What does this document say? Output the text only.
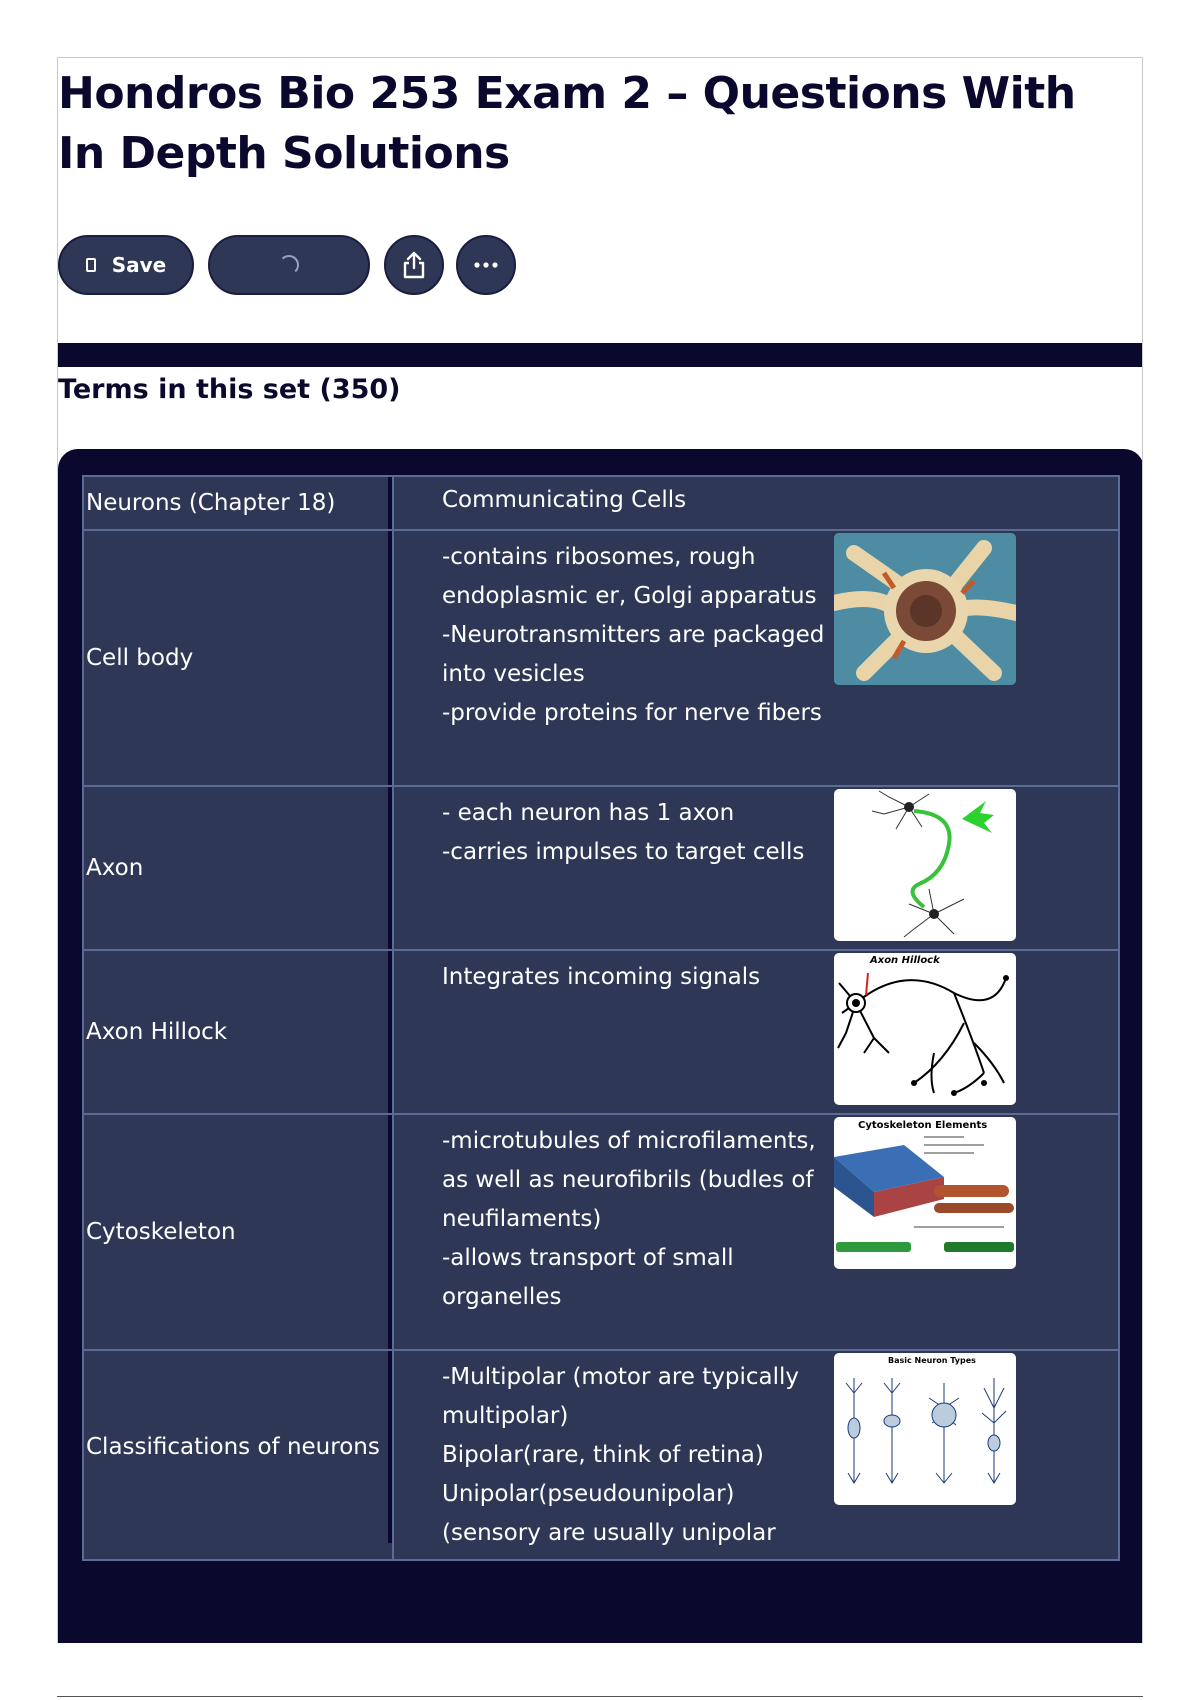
Hondros Bio 253 Exam 2 – Questions With In Depth Solutions
Save
Terms in this set (350)
Neurons (Chapter 18)	Communicating Cells

Cell body	-contains ribosomes, rough endoplasmic er, Golgi apparatus
-Neurotransmitters are packaged into vesicles
-provide proteins for nerve fibers

Axon	- each neuron has 1 axon
-carries impulses to target cells

Axon Hillock	Integrates incoming signals
Axon Hillock

Cytoskeleton	-microtubules of microfilaments, as well as neurofibrils (budles of neufilaments)
-allows transport of small organelles
Cytoskeleton Elements

Classifications of neurons	-Multipolar (motor are typically multipolar)
Bipolar(rare, think of retina)
Unipolar(pseudounipolar)
(sensory are usually unipolar
Basic Neuron Types
